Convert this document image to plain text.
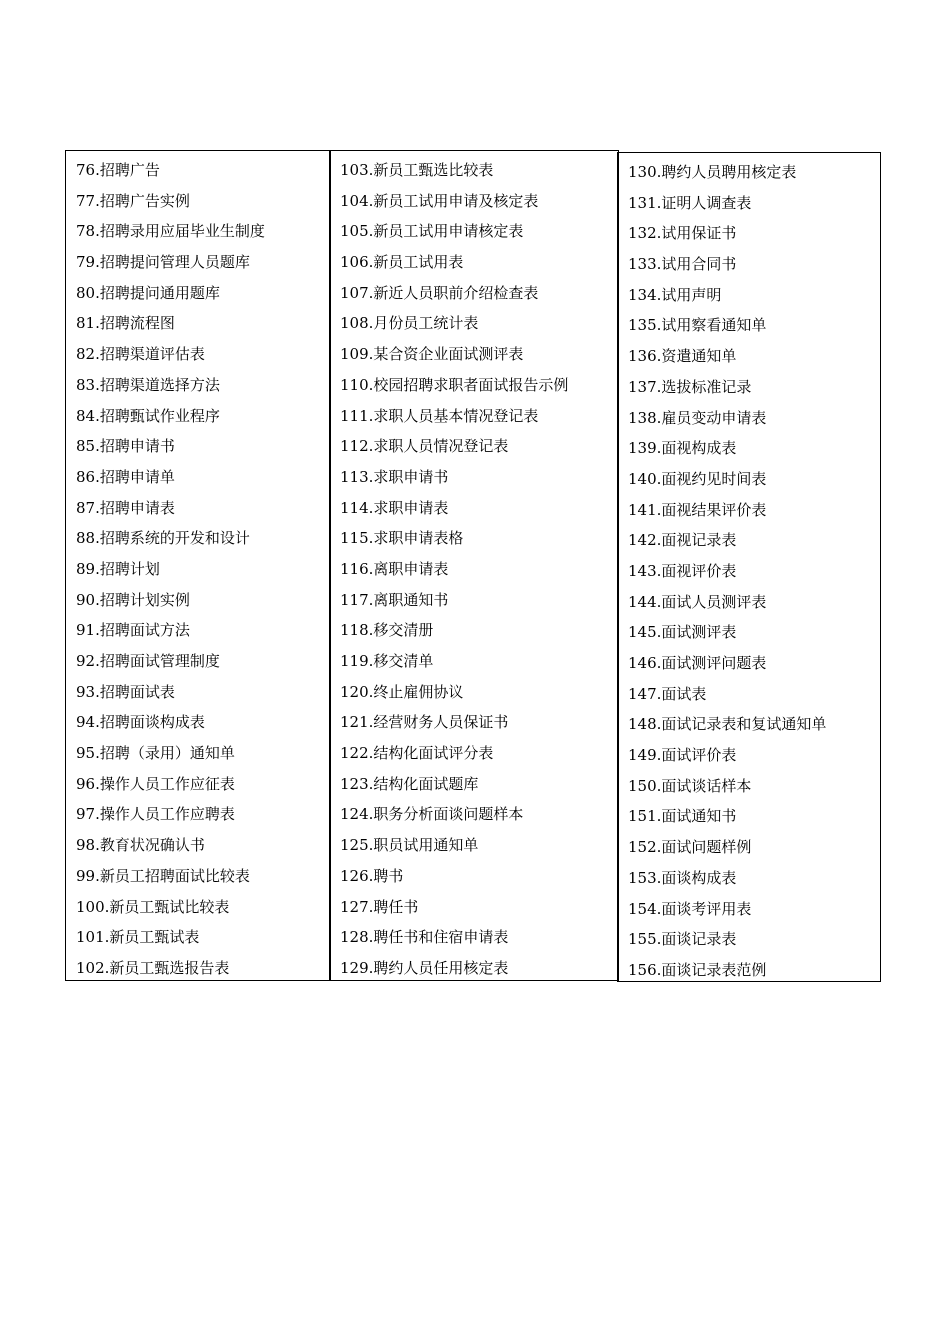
76.招聘广告
77.招聘广告实例
78.招聘录用应届毕业生制度
79.招聘提问管理人员题库
80.招聘提问通用题库
81.招聘流程图
82.招聘渠道评估表
83.招聘渠道选择方法
84.招聘甄试作业程序
85.招聘申请书
86.招聘申请单
87.招聘申请表
88.招聘系统的开发和设计
89.招聘计划
90.招聘计划实例
91.招聘面试方法
92.招聘面试管理制度
93.招聘面试表
94.招聘面谈构成表
95.招聘（录用）通知单
96.操作人员工作应征表
97.操作人员工作应聘表
98.教育状况确认书
99.新员工招聘面试比较表
100.新员工甄试比较表
101.新员工甄试表
102.新员工甄选报告表
103.新员工甄选比较表
104.新员工试用申请及核定表
105.新员工试用申请核定表
106.新员工试用表
107.新近人员职前介绍检查表
108.月份员工统计表
109.某合资企业面试测评表
110.校园招聘求职者面试报告示例
111.求职人员基本情况登记表
112.求职人员情况登记表
113.求职申请书
114.求职申请表
115.求职申请表格
116.离职申请表
117.离职通知书
118.移交清册
119.移交清单
120.终止雇佣协议
121.经营财务人员保证书
122.结构化面试评分表
123.结构化面试题库
124.职务分析面谈问题样本
125.职员试用通知单
126.聘书
127.聘任书
128.聘任书和住宿申请表
129.聘约人员任用核定表
130.聘约人员聘用核定表
131.证明人调查表
132.试用保证书
133.试用合同书
134.试用声明
135.试用察看通知单
136.资遣通知单
137.选拔标准记录
138.雇员变动申请表
139.面视构成表
140.面视约见时间表
141.面视结果评价表
142.面视记录表
143.面视评价表
144.面试人员测评表
145.面试测评表
146.面试测评问题表
147.面试表
148.面试记录表和复试通知单
149.面试评价表
150.面试谈话样本
151.面试通知书
152.面试问题样例
153.面谈构成表
154.面谈考评用表
155.面谈记录表
156.面谈记录表范例
